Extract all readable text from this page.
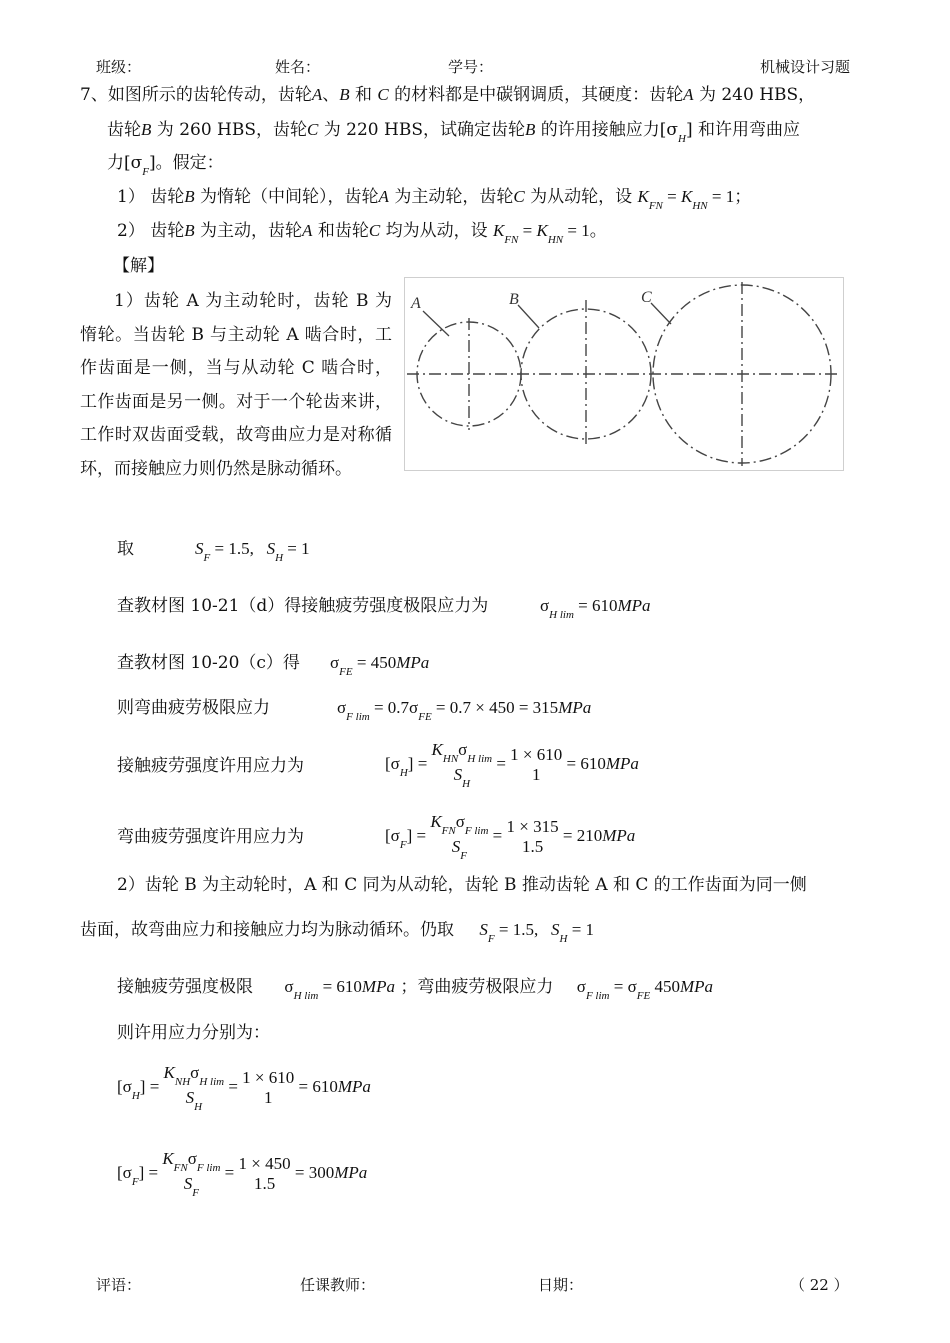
班级：	姓名：	学号：	机械设计习题
7、如图所示的齿轮传动，齿轮A、B 和 C 的材料都是中碳钢调质，其硬度：齿轮A 为 240 HBS，
齿轮B 为 260 HBS，齿轮C 为 220 HBS，试确定齿轮B 的许用接触应力$[\sigma_H]$ 和许用弯曲应
力$[\sigma_F]$。假定：
1） 齿轮B 为惰轮（中间轮），齿轮A 为主动轮，齿轮C 为从动轮，设 $K_{FN} = K_{HN} = 1$；
2） 齿轮B 为主动，齿轮A 和齿轮C 均为从动，设 $K_{FN} = K_{HN} = 1$。
【解】
1）齿轮 A 为主动轮时，齿轮 B 为惰轮。当齿轮 B 与主动轮 A 啮合时，工作齿面是一侧，当与从动轮 C 啮合时，工作齿面是另一侧。对于一个轮齿来讲，工作时双齿面受载，故弯曲应力是对称循环，而接触应力则仍然是脉动循环。
A	B	C
取	$S_F = 1.5$, $S_H = 1$
查教材图 10-21（d）得接触疲劳强度极限应力为	$\sigma_{H lim} = 610MPa$
查教材图 10-20（c）得 $\sigma_{FE} = 450MPa$
则弯曲疲劳极限应力	$\sigma_{F lim} = 0.7\sigma_{FE} = 0.7 \times 450 = 315MPa$
接触疲劳强度许用应力为	$[\sigma_H]$ =
$K_{HN}\sigma_{H lim}$
$S_H$
= 1 × 610
1
= 610MPa
弯曲疲劳强度许用应力为	$[\sigma_F]$ =
$K_{FN}\sigma_{F lim}$
$S_F$
= 1 × 315
1.5
= 210MPa
2）齿轮 B 为主动轮时，A 和 C 同为从动轮，齿轮 B 推动齿轮 A 和 C 的工作齿面为同一侧
齿面，故弯曲应力和接触应力均为脉动循环。仍取 $S_F = 1.5$, $S_H = 1$
接触疲劳强度极限 $\sigma_{H lim} = 610MPa$ ；弯曲疲劳极限应力 $\sigma_{F lim} = \sigma_{FE}$ 450MPa
则许用应力分别为：
$[\sigma_H]$ =
$K_{NH}\sigma_{H lim}$
$S_H$
= 1 × 610
1
= 610MPa
$[\sigma_F]$ =
$K_{FN}\sigma_{F lim}$
$S_F$
= 1 × 450
1.5
= 300MPa
评语：	任课教师：	日期：	（ 22 ）
